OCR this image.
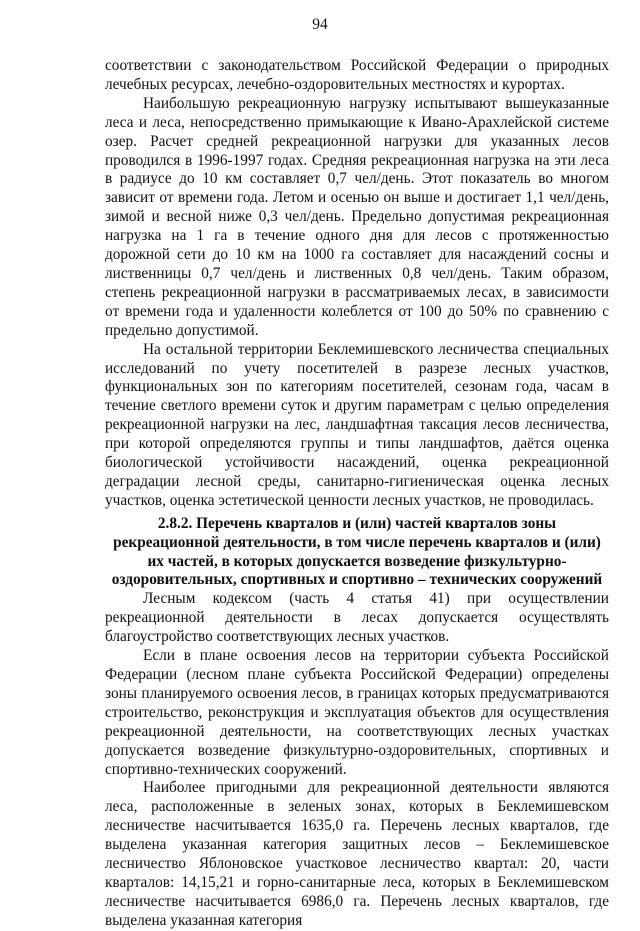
94

соответствии с законодательством Российской Федерации о природных лечебных ресурсах, лечебно-оздоровительных местностях и курортах.

Наибольшую рекреационную нагрузку испытывают вышеуказанные леса и леса, непосредственно примыкающие к Ивано-Арахлейской системе озер. Расчет средней рекреационной нагрузки для указанных лесов проводился в 1996-1997 годах. Средняя рекреационная нагрузка на эти леса в радиусе до 10 км составляет 0,7 чел/день. Этот показатель во многом зависит от времени года. Летом и осенью он выше и достигает 1,1 чел/день, зимой и весной ниже 0,3 чел/день. Предельно допустимая рекреационная нагрузка на 1 га в течение одного дня для лесов с протяженностью дорожной сети до 10 км на 1000 га составляет для насаждений сосны и лиственницы 0,7 чел/день и лиственных 0,8 чел/день. Таким образом, степень рекреационной нагрузки в рассматриваемых лесах, в зависимости от времени года и удаленности колеблется от 100 до 50% по сравнению с предельно допустимой.

На остальной территории Беклемишевского лесничества специальных исследований по учету посетителей в разрезе лесных участков, функциональных зон по категориям посетителей, сезонам года, часам в течение светлого времени суток и другим параметрам с целью определения рекреационной нагрузки на лес, ландшафтная таксация лесов лесничества, при которой определяются группы и типы ландшафтов, даётся оценка биологической устойчивости насаждений, оценка рекреационной деградации лесной среды, санитарно-гигиеническая оценка лесных участков, оценка эстетической ценности лесных участков, не проводилась.

2.8.2. Перечень кварталов и (или) частей кварталов зоны рекреационной деятельности, в том числе перечень кварталов и (или) их частей, в которых допускается возведение физкультурно-оздоровительных, спортивных и спортивно – технических сооружений

Лесным кодексом (часть 4 статья 41) при осуществлении рекреационной деятельности в лесах допускается осуществлять благоустройство соответствующих лесных участков.

Если в плане освоения лесов на территории субъекта Российской Федерации (лесном плане субъекта Российской Федерации) определены зоны планируемого освоения лесов, в границах которых предусматриваются строительство, реконструкция и эксплуатация объектов для осуществления рекреационной деятельности, на соответствующих лесных участках допускается возведение физкультурно-оздоровительных, спортивных и спортивно-технических сооружений.

Наиболее пригодными для рекреационной деятельности являются леса, расположенные в зеленых зонах, которых в Беклемишевском лесничестве насчитывается 1635,0 га. Перечень лесных кварталов, где выделена указанная категория защитных лесов – Беклемишевское лесничество Яблоновское участковое лесничество квартал: 20, части кварталов: 14,15,21 и горно-санитарные леса, которых в Беклемишевском лесничестве насчитывается 6986,0 га. Перечень лесных кварталов, где выделена указанная категория
